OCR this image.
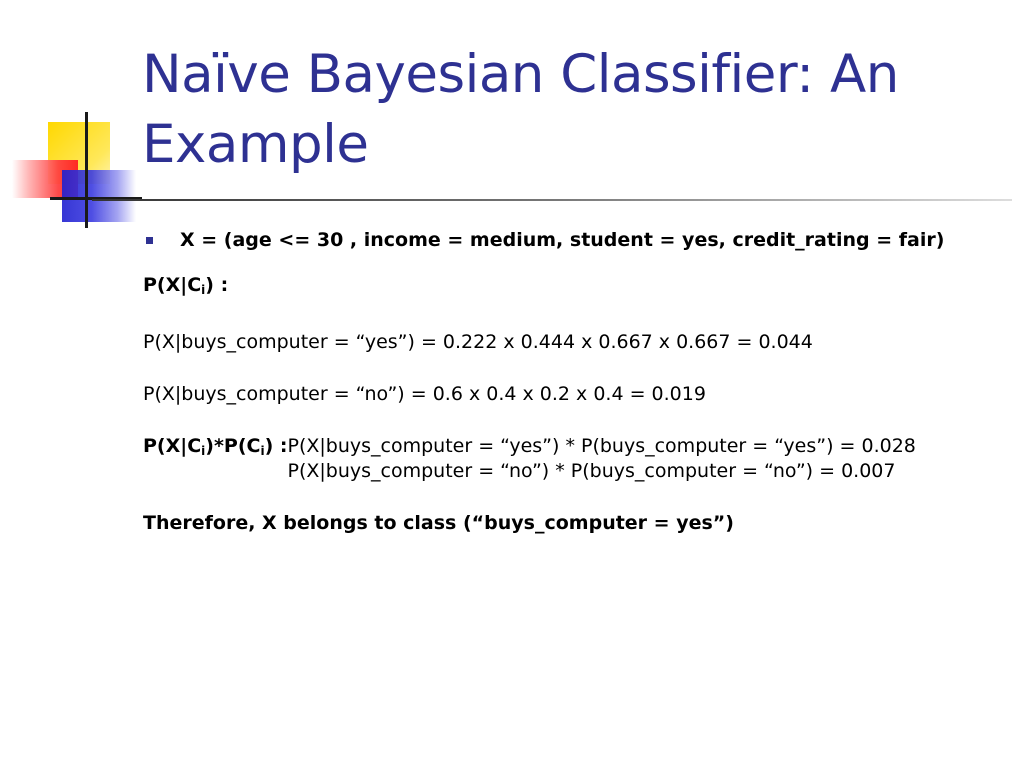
Naïve Bayesian Classifier: An Example
X = (age <= 30 , income = medium, student = yes, credit_rating = fair)

$P(X|C_i)$ :

P(X|buys_computer = “yes”) = 0.222 x 0.444 x 0.667 x 0.667 = 0.044

P(X|buys_computer = “no”) = 0.6 x 0.4 x 0.2 x 0.4 = 0.019

$P(X|C_i)*P(C_i)$ : P(X|buys_computer = “yes”) * P(buys_computer = “yes”) = 0.028
P(X|buys_computer = “no”) * P(buys_computer = “no”) = 0.007

Therefore, X belongs to class (“buys_computer = yes”)
